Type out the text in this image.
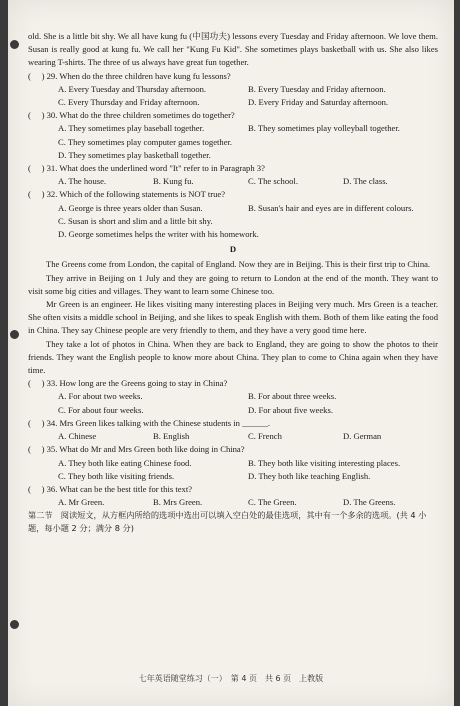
old. She is a little bit shy. We all have kung fu (中国功夫) lessons every Tuesday and Friday afternoon. We love them. Susan is really good at kung fu. We call her "Kung Fu Kid". She sometimes plays basketball with us. She also likes wearing T-shirts. The three of us always have great fun together.

(　 ) 29. When do the three children have kung fu lessons?

A. Every Tuesday and Thursday afternoon.	B. Every Tuesday and Friday afternoon.
C. Every Thursday and Friday afternoon.	D. Every Friday and Saturday afternoon.

(　 ) 30. What do the three children sometimes do together?

A. They sometimes play baseball together.	B. They sometimes play volleyball together.
C. They sometimes play computer games together.
D. They sometimes play basketball together.

(　 ) 31. What does the underlined word "It" refer to in Paragraph 3?

A. The house.	B. Kung fu.	C. The school.	D. The class.

(　 ) 32. Which of the following statements is NOT true?

A. George is three years older than Susan.	B. Susan's hair and eyes are in different colours.
C. Susan is short and slim and a little bit shy.
D. George sometimes helps the writer with his homework.
D

The Greens come from London, the capital of England. Now they are in Beijing. This is their first trip to China.

They arrive in Beijing on 1 July and they are going to return to London at the end of the month. They want to visit some big cities and villages. They want to learn some Chinese too.

Mr Green is an engineer. He likes visiting many interesting places in Beijing very much. Mrs Green is a teacher. She often visits a middle school in Beijing, and she likes to speak English with them. Both of them like eating the food in China. They say Chinese people are very friendly to them, and they have a very good time here.

They take a lot of photos in China. When they are back to England, they are going to show the photos to their friends. They want the English people to know more about China. They plan to come to China again when they have time.

(　 ) 33. How long are the Greens going to stay in China?

A. For about two weeks.	B. For about three weeks.
C. For about four weeks.	D. For about five weeks.

(　 ) 34. Mrs Green likes talking with the Chinese students in ______.

A. Chinese	B. English	C. French	D. German

(　 ) 35. What do Mr and Mrs Green both like doing in China?

A. They both like eating Chinese food.	B. They both like visiting interesting places.
C. They both like visiting friends.	D. They both like teaching English.

(　 ) 36. What can be the best title for this text?

A. Mr Green.	B. Mrs Green.	C. The Green.	D. The Greens.

第二节　阅读短文，从方框内所给的选项中选出可以填入空白处的最佳选项，其中有一个多余的选项。(共 4 小题，每小题 2 分；满分 8 分)

七年英语随堂练习（一）　第 4 页　共 6 页　上教版
